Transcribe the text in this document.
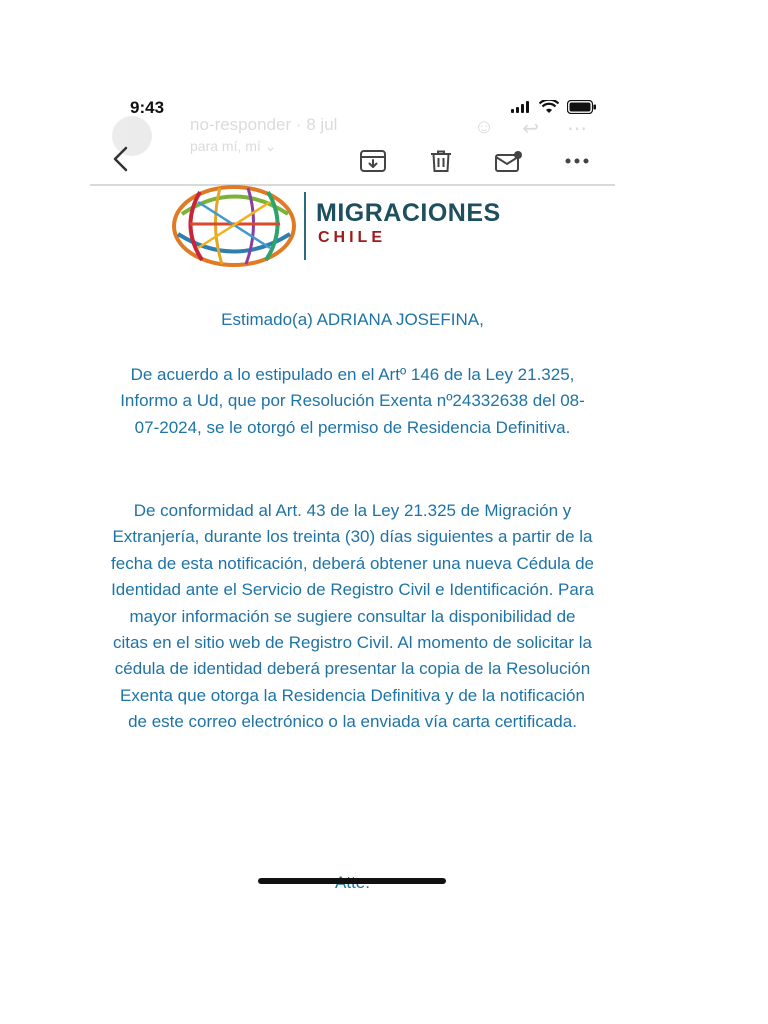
9:43
no-responder · 8 jul
para mí, mí ⌄
☺ ↩ ⋯
MIGRACIONES
CHILE
Estimado(a) ADRIANA JOSEFINA,
De acuerdo a lo estipulado en el Artº 146 de la Ley 21.325, Informo a Ud, que por Resolución Exenta nº24332638 del 08-07-2024, se le otorgó el permiso de Residencia Definitiva.
De conformidad al Art. 43 de la Ley 21.325 de Migración y Extranjería, durante los treinta (30) días siguientes a partir de la fecha de esta notificación, deberá obtener una nueva Cédula de Identidad ante el Servicio de Registro Civil e Identificación. Para mayor información se sugiere consultar la disponibilidad de citas en el sitio web de Registro Civil. Al momento de solicitar la cédula de identidad deberá presentar la copia de la Resolución Exenta que otorga la Residencia Definitiva y de la notificación de este correo electrónico o la enviada vía carta certificada.
